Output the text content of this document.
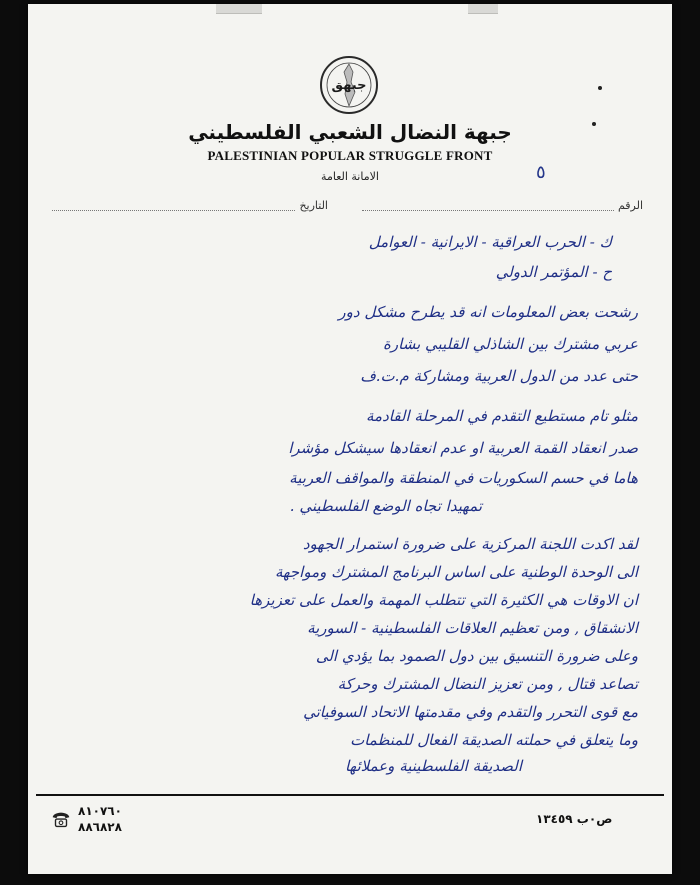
جبهق
جبهة النضال الشعبي الفلسطيني
PALESTINIAN POPULAR STRUGGLE FRONT
الامانة العامة	٥
الرقم
التاريخ
ك - الحرب العراقية - الايرانية - العوامل
ح - المؤتمر الدولي
رشحت بعض المعلومات انه قد يطرح مشكل دور
عربي مشترك بين الشاذلي القليبي بشارة
حتى عدد من الدول العربية ومشاركة م.ت.ف
مثلو تام مستطيع التقدم في المرحلة القادمة
صدر انعقاد القمة العربية او عدم انعقادها سيشكل مؤشرا
هاما في حسم السكوريات في المنطقة والمواقف العربية
تمهيدا تجاه الوضع الفلسطيني .
لقد اكدت اللجنة المركزية على ضرورة استمرار الجهود
الى الوحدة الوطنية على اساس البرنامج المشترك ومواجهة
ان الاوقات هي الكثيرة التي تتطلب المهمة والعمل على تعزيزها
الانشقاق , ومن تعظيم العلاقات الفلسطينية - السورية
وعلى ضرورة التنسيق بين دول الصمود بما يؤدي الى
تصاعد قتال , ومن تعزيز النضال المشترك وحركة
مع قوى التحرر والتقدم وفي مقدمتها الاتحاد السوفياتي
وما يتعلق في حملته الصديقة الفعال للمنظمات
الصديقة الفلسطينية وعملائها
٨١٠٧٦٠
٨٨٦٨٢٨
ص٠ب ١٣٤٥٩
